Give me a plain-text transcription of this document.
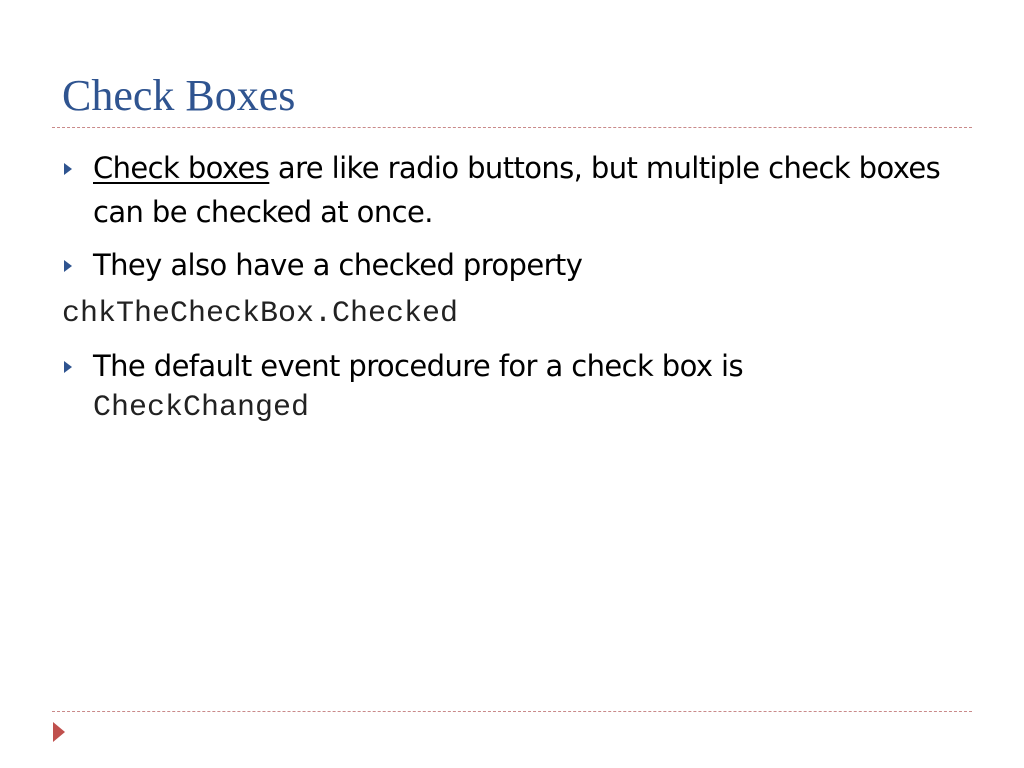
Check Boxes
Check boxes are like radio buttons, but multiple check boxes can be checked at once.
They also have a checked property
chkTheCheckBox.Checked
The default event procedure for a check box is
CheckChanged
